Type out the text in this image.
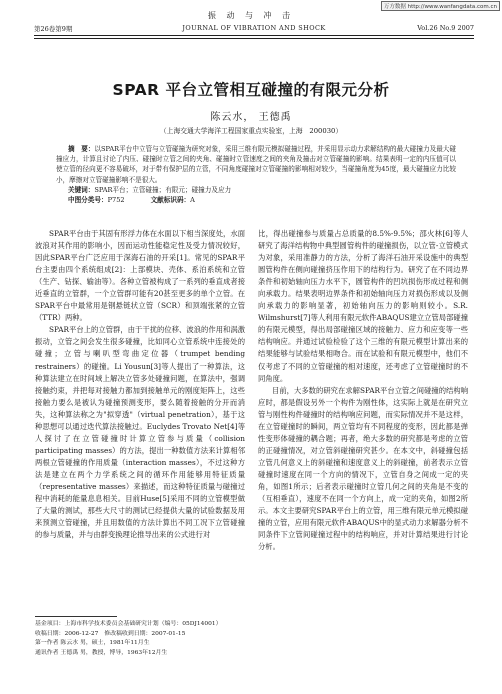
万方数据 http://www.wanfangdata.com.cn
振 动 与 冲 击
第26卷第9期	JOURNAL OF VIBRATION AND SHOCK	Vol.26 No.9 2007
SPAR 平台立管相互碰撞的有限元分析
陈云水， 王德禹
（上海交通大学海洋工程国家重点实验室，上海　200030）

摘　要：以SPAR平台中立管与立管碰撞为研究对象，采用三维有限元模拟碰撞过程，并采用显示动力求解结构的最大碰撞力及最大碰撞应力，计算且讨论了内压、碰撞时立管之间的夹角、碰撞时立管速度之间的夹角及撞击对立管碰撞的影响。结果表明一定的内压值可以使立管的径向更不容易破坏，对于带有保护层的立管，不同角度碰撞对立管碰撞的影响相对较少，当碰撞角度为45度，最大碰撞应力比较小，摩擦对立管碰撞影响不是很大。

关键词：SPAR平台；立管碰撞；有限元；碰撞力及应力

中图分类号：P752	文献标识码：A

SPAR平台由于其固有形浮力体在水面以下相当深度处，水面波浪对其作用的影响小，因而运动性能稳定性及受力情况较好，因此SPAR平台广泛应用于深海石油的开采[1]。常见的SPAR平台主要由四个系统组成[2]：上部模块、壳体、系泊系统和立管（生产、钻探、输油等）。各种立管被构成了一系列的垂直成者接近垂直的立管群，一个立管群可能有20甚至更多的单个立管。在SPAR平台中最常用是钢悬链状立管（SCR）和顶端张紧的立管（TTR）两种。

SPAR平台上的立管群，由于干扰的位移、波浪的作用和涡激振动，立管之间会发生很多碰撞，比如同心立管系统中连接处的碰撞；立管与喇叭型弯曲定位器（trumpet bending restrainers）的碰撞。Li Yousun[3]等人提出了一种算法，这种算法建立在时间域上解决立管多处碰撞问题，在算法中，强调接触约束，并把每对接触力都加到接触单元的刚度矩阵上，这些接触力要么是被认为碰撞预测变形，要么随着接触的分开而消失，这种算法称之为"拟穿透"（virtual penetration），基于这种思想可以通过迭代算法接触过。Euclydes Trovato Net[4]等人探讨了在立管碰撞时计算立管参与质量（collision participating masses）的方法，提出一种数值方法来计算相邻两根立管碰撞的作用质量（interaction masses），不过这种方法是建立在两个力学系统之间的循环作用能够用特征质量（representative masses）来描述，而这种特征质量与碰撞过程中消耗的能量息息相关。目前Huse[5]采用不同的立管模型做了大量的测试，那些大尺寸的测试已经提供大量的试验数据及用来预测立管碰撞，并且用数值的方法计算出不同工况下立管碰撞的参与质量，并与由群变换理论推导出来的公式进行对

比，得出碰撞参与质量占总质量的8.5%-9.5%；邵火林[6]等人研究了海洋结构物中典型圆管构件的碰撞损伤，以立管-立管模式为对象，采用准静力的方法，分析了海洋石油开采设施中的典型圆管构件在侧向碰撞挤压作用下的结构行为。研究了在不同边界条件和初始轴向压力水平下，圆管构件的凹坑损伤形成过程和侧向承载力。结果表明边界条件和初始轴向压力对损伤形成以及侧向承载力的影响显著，初始轴向压力的影响则较小。S.R. Wilmshurst[7]等人利用有限元软件ABAQUS建立立管局部碰撞的有限元模型，得出局部碰撞区域的接触力、应力和应变等一些结构响应。并通过试验检验了这个三维的有限元模型计算出来的结果能够与试验结果相吻合。而在试验和有限元模型中，他们不仅考虑了不同的立管碰撞的相对速度，还考虑了立管碰撞时的不同角度。

目前，大多数的研究在求解SPAR平台立管之间碰撞的结构响应时，都是假设另外一个构件为刚性体，这实际上就是在研究立管与刚性构件碰撞时的结构响应问题，而实际情况并不是这样，在立管碰撞时的瞬间，两立管均有不同程度的变形，因此都是弹性变形体碰撞的耦合题；再者，绝大多数的研究都是考虑的立管的正碰撞情况，对立管斜碰撞研究甚少。在本文中，斜碰撞包括立管几何意义上的斜碰撞和速度意义上的斜碰撞，前者表示立管碰撞时速度在同一个方向的情况下，立管自身之间成一定的夹角，如图1所示；后者表示碰撞时立管几何之间的夹角是不变的（互相垂直），速度不在同一个方向上，成一定的夹角，如图2所示。本文主要研究SPAR平台上的立管，用三维有限元单元模拟碰撞的立管，应用有限元软件ABAQUS中的显式动力求解器分析不同条件下立管间碰撞过程中的结构响应，并对计算结果进行讨论分析。

基金项目：上海市科学技术委员会基础研究计划（编号：05DJ14001）
收稿日期：2006-12-27　修改稿收到日期：2007-01-15
第一作者 陈云水 男，硕士，1981年11月生
通讯作者 王德禹 男，教授，博导，1963年12月生
